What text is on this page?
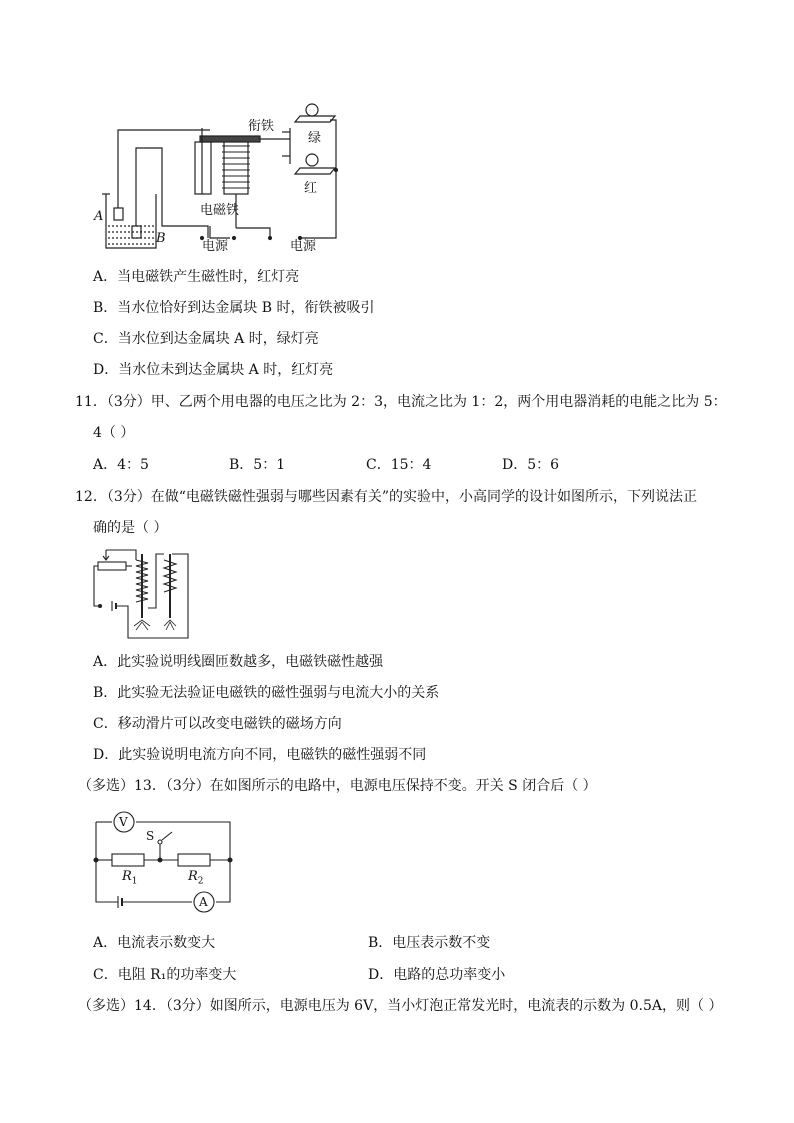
衔铁
绿
红
电磁铁
A
B
电源	电源
A．当电磁铁产生磁性时，红灯亮
B．当水位恰好到达金属块 B 时，衔铁被吸引
C．当水位到达金属块 A 时，绿灯亮
D．当水位未到达金属块 A 时，红灯亮
11．（3分）甲、乙两个用电器的电压之比为 2：3，电流之比为 1：2，两个用电器消耗的电能之比为 5：
4（ ）
A．4：5	B．5：1	C．15：4	D．5：6
12．（3分）在做“电磁铁磁性强弱与哪些因素有关”的实验中，小高同学的设计如图所示，下列说法正
确的是（ ）
A．此实验说明线圈匝数越多，电磁铁磁性越强
B．此实验无法验证电磁铁的磁性强弱与电流大小的关系
C．移动滑片可以改变电磁铁的磁场方向
D．此实验说明电流方向不同，电磁铁的磁性强弱不同
（多选）13．（3分）在如图所示的电路中，电源电压保持不变。开关 S 闭合后（ ）
V
S
$R_1$	$R_2$
A
A．电流表示数变大	B．电压表示数不变
C．电阻 R₁的功率变大	D．电路的总功率变小
（多选）14．（3分）如图所示，电源电压为 6V，当小灯泡正常发光时，电流表的示数为 0.5A，则（ ）
